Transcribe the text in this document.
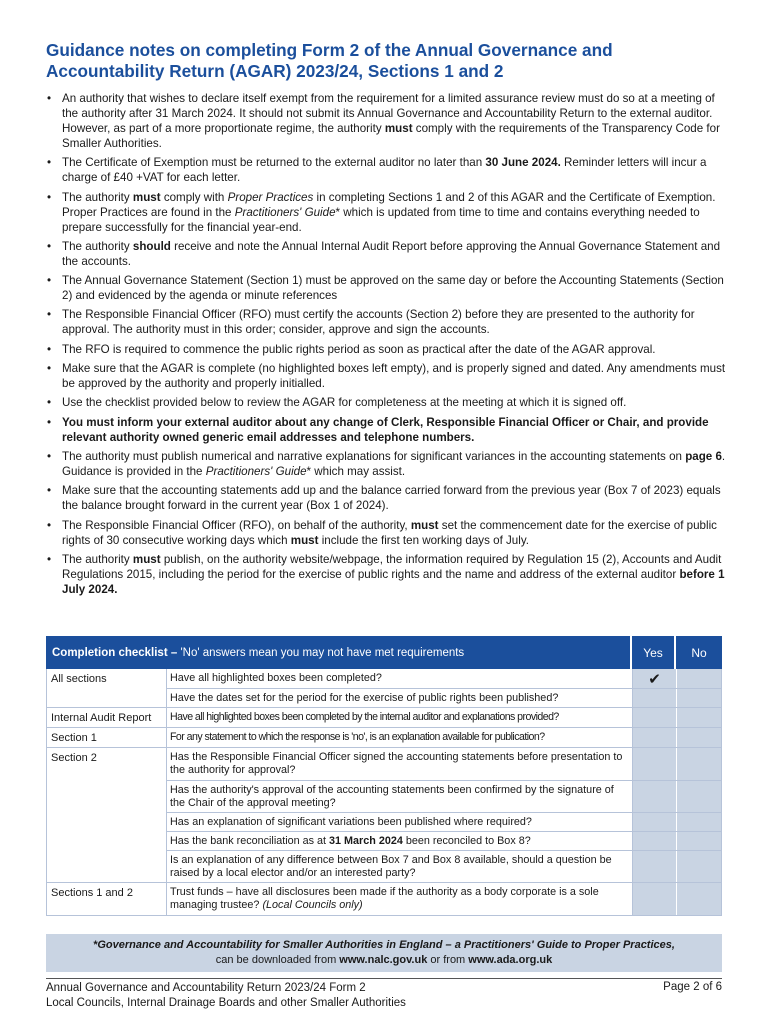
Guidance notes on completing Form 2 of the Annual Governance and Accountability Return (AGAR) 2023/24, Sections 1 and 2
• An authority that wishes to declare itself exempt from the requirement for a limited assurance review must do so at a meeting of the authority after 31 March 2024. It should not submit its Annual Governance and Accountability Return to the external auditor. However, as part of a more proportionate regime, the authority must comply with the requirements of the Transparency Code for Smaller Authorities.
• The Certificate of Exemption must be returned to the external auditor no later than 30 June 2024. Reminder letters will incur a charge of £40 +VAT for each letter.
• The authority must comply with Proper Practices in completing Sections 1 and 2 of this AGAR and the Certificate of Exemption. Proper Practices are found in the Practitioners' Guide* which is updated from time to time and contains everything needed to prepare successfully for the financial year-end.
• The authority should receive and note the Annual Internal Audit Report before approving the Annual Governance Statement and the accounts.
• The Annual Governance Statement (Section 1) must be approved on the same day or before the Accounting Statements (Section 2) and evidenced by the agenda or minute references
• The Responsible Financial Officer (RFO) must certify the accounts (Section 2) before they are presented to the authority for approval. The authority must in this order; consider, approve and sign the accounts.
• The RFO is required to commence the public rights period as soon as practical after the date of the AGAR approval.
• Make sure that the AGAR is complete (no highlighted boxes left empty), and is properly signed and dated. Any amendments must be approved by the authority and properly initialled.
• Use the checklist provided below to review the AGAR for completeness at the meeting at which it is signed off.
• You must inform your external auditor about any change of Clerk, Responsible Financial Officer or Chair, and provide relevant authority owned generic email addresses and telephone numbers.
• The authority must publish numerical and narrative explanations for significant variances in the accounting statements on page 6. Guidance is provided in the Practitioners' Guide* which may assist.
• Make sure that the accounting statements add up and the balance carried forward from the previous year (Box 7 of 2023) equals the balance brought forward in the current year (Box 1 of 2024).
• The Responsible Financial Officer (RFO), on behalf of the authority, must set the commencement date for the exercise of public rights of 30 consecutive working days which must include the first ten working days of July.
• The authority must publish, on the authority website/webpage, the information required by Regulation 15 (2), Accounts and Audit Regulations 2015, including the period for the exercise of public rights and the name and address of the external auditor before 1 July 2024.
Completion checklist – 'No' answers mean you may not have met requirements	Yes	No
All sections	Have all highlighted boxes been completed?	✔
Have the dates set for the period for the exercise of public rights been published?
Internal Audit Report	Have all highlighted boxes been completed by the internal auditor and explanations provided?
Section 1	For any statement to which the response is 'no', is an explanation available for publication?
Section 2	Has the Responsible Financial Officer signed the accounting statements before presentation to the authority for approval?
Has the authority's approval of the accounting statements been confirmed by the signature of the Chair of the approval meeting?
Has an explanation of significant variations been published where required?
Has the bank reconciliation as at 31 March 2024 been reconciled to Box 8?
Is an explanation of any difference between Box 7 and Box 8 available, should a question be raised by a local elector and/or an interested party?
Sections 1 and 2	Trust funds – have all disclosures been made if the authority as a body corporate is a sole managing trustee? (Local Councils only)
*Governance and Accountability for Smaller Authorities in England – a Practitioners' Guide to Proper Practices,
can be downloaded from www.nalc.gov.uk or from www.ada.org.uk
Annual Governance and Accountability Return 2023/24 Form 2
Local Councils, Internal Drainage Boards and other Smaller Authorities
Page 2 of 6
